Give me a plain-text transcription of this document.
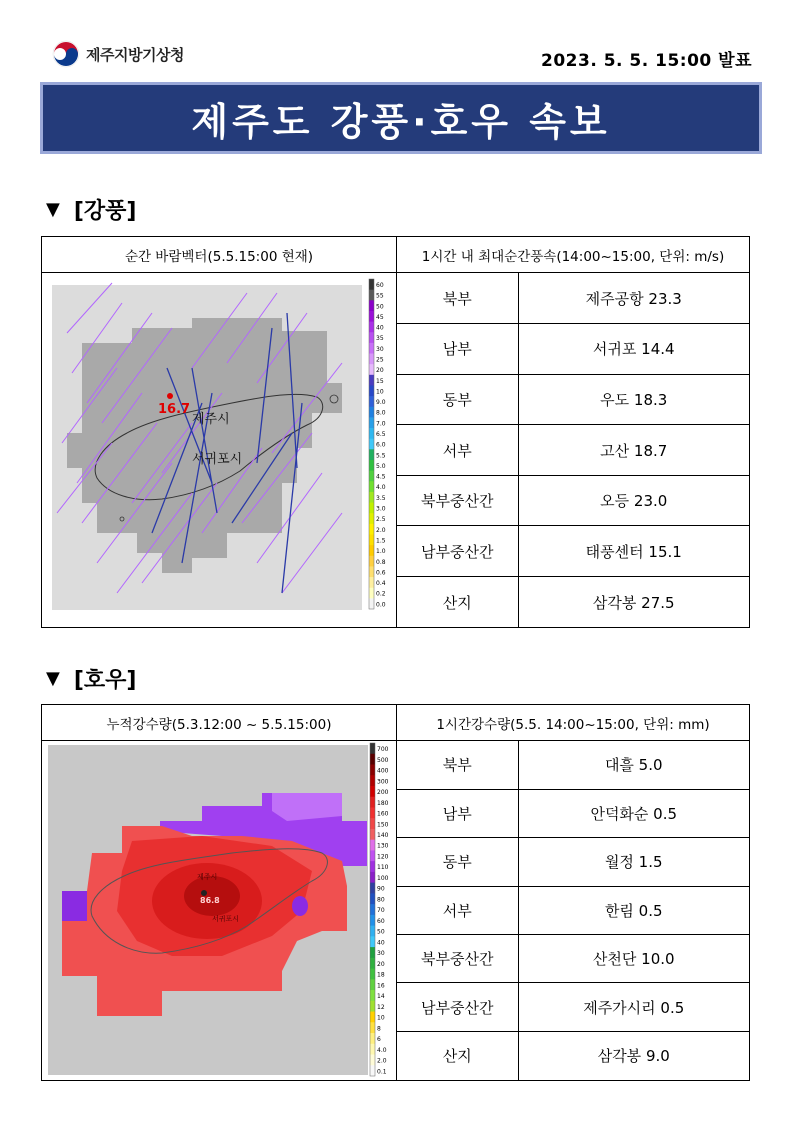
제주지방기상청	2023. 5. 5. 15:00 발표
제주도 강풍·호우 속보
▼ [강풍]
순간 바람벡터(5.5.15:00 현재)	1시간 내 최대순간풍속(14:00~15:00, 단위: m/s)
16.7
제주시
서귀포시
60
55
50
45
40
35
30
25
20
15
10
9.0
8.0
7.0
6.5
6.0
5.5
5.0
4.5
4.0
3.5
3.0
2.5
2.0
1.5
1.0
0.8
0.6
0.4
0.2
0.0
북부	제주공항 23.3
남부	서귀포 14.4
동부	우도 18.3
서부	고산 18.7
북부중산간	오등 23.0
남부중산간	태풍센터 15.1
산지	삼각봉 27.5
▼ [호우]
누적강수량(5.3.12:00 ~ 5.5.15:00)	1시간강수량(5.5. 14:00~15:00, 단위: mm)
86.8
제주시
서귀포시
700
500
400
300
200
180
160
150
140
130
120
110
100
90
80
70
60
50
40
30
20
18
16
14
12
10
8
6
4.0
2.0
0.1
북부	대흘 5.0
남부	안덕화순 0.5
동부	월정 1.5
서부	한림 0.5
북부중산간	산천단 10.0
남부중산간	제주가시리 0.5
산지	삼각봉 9.0
